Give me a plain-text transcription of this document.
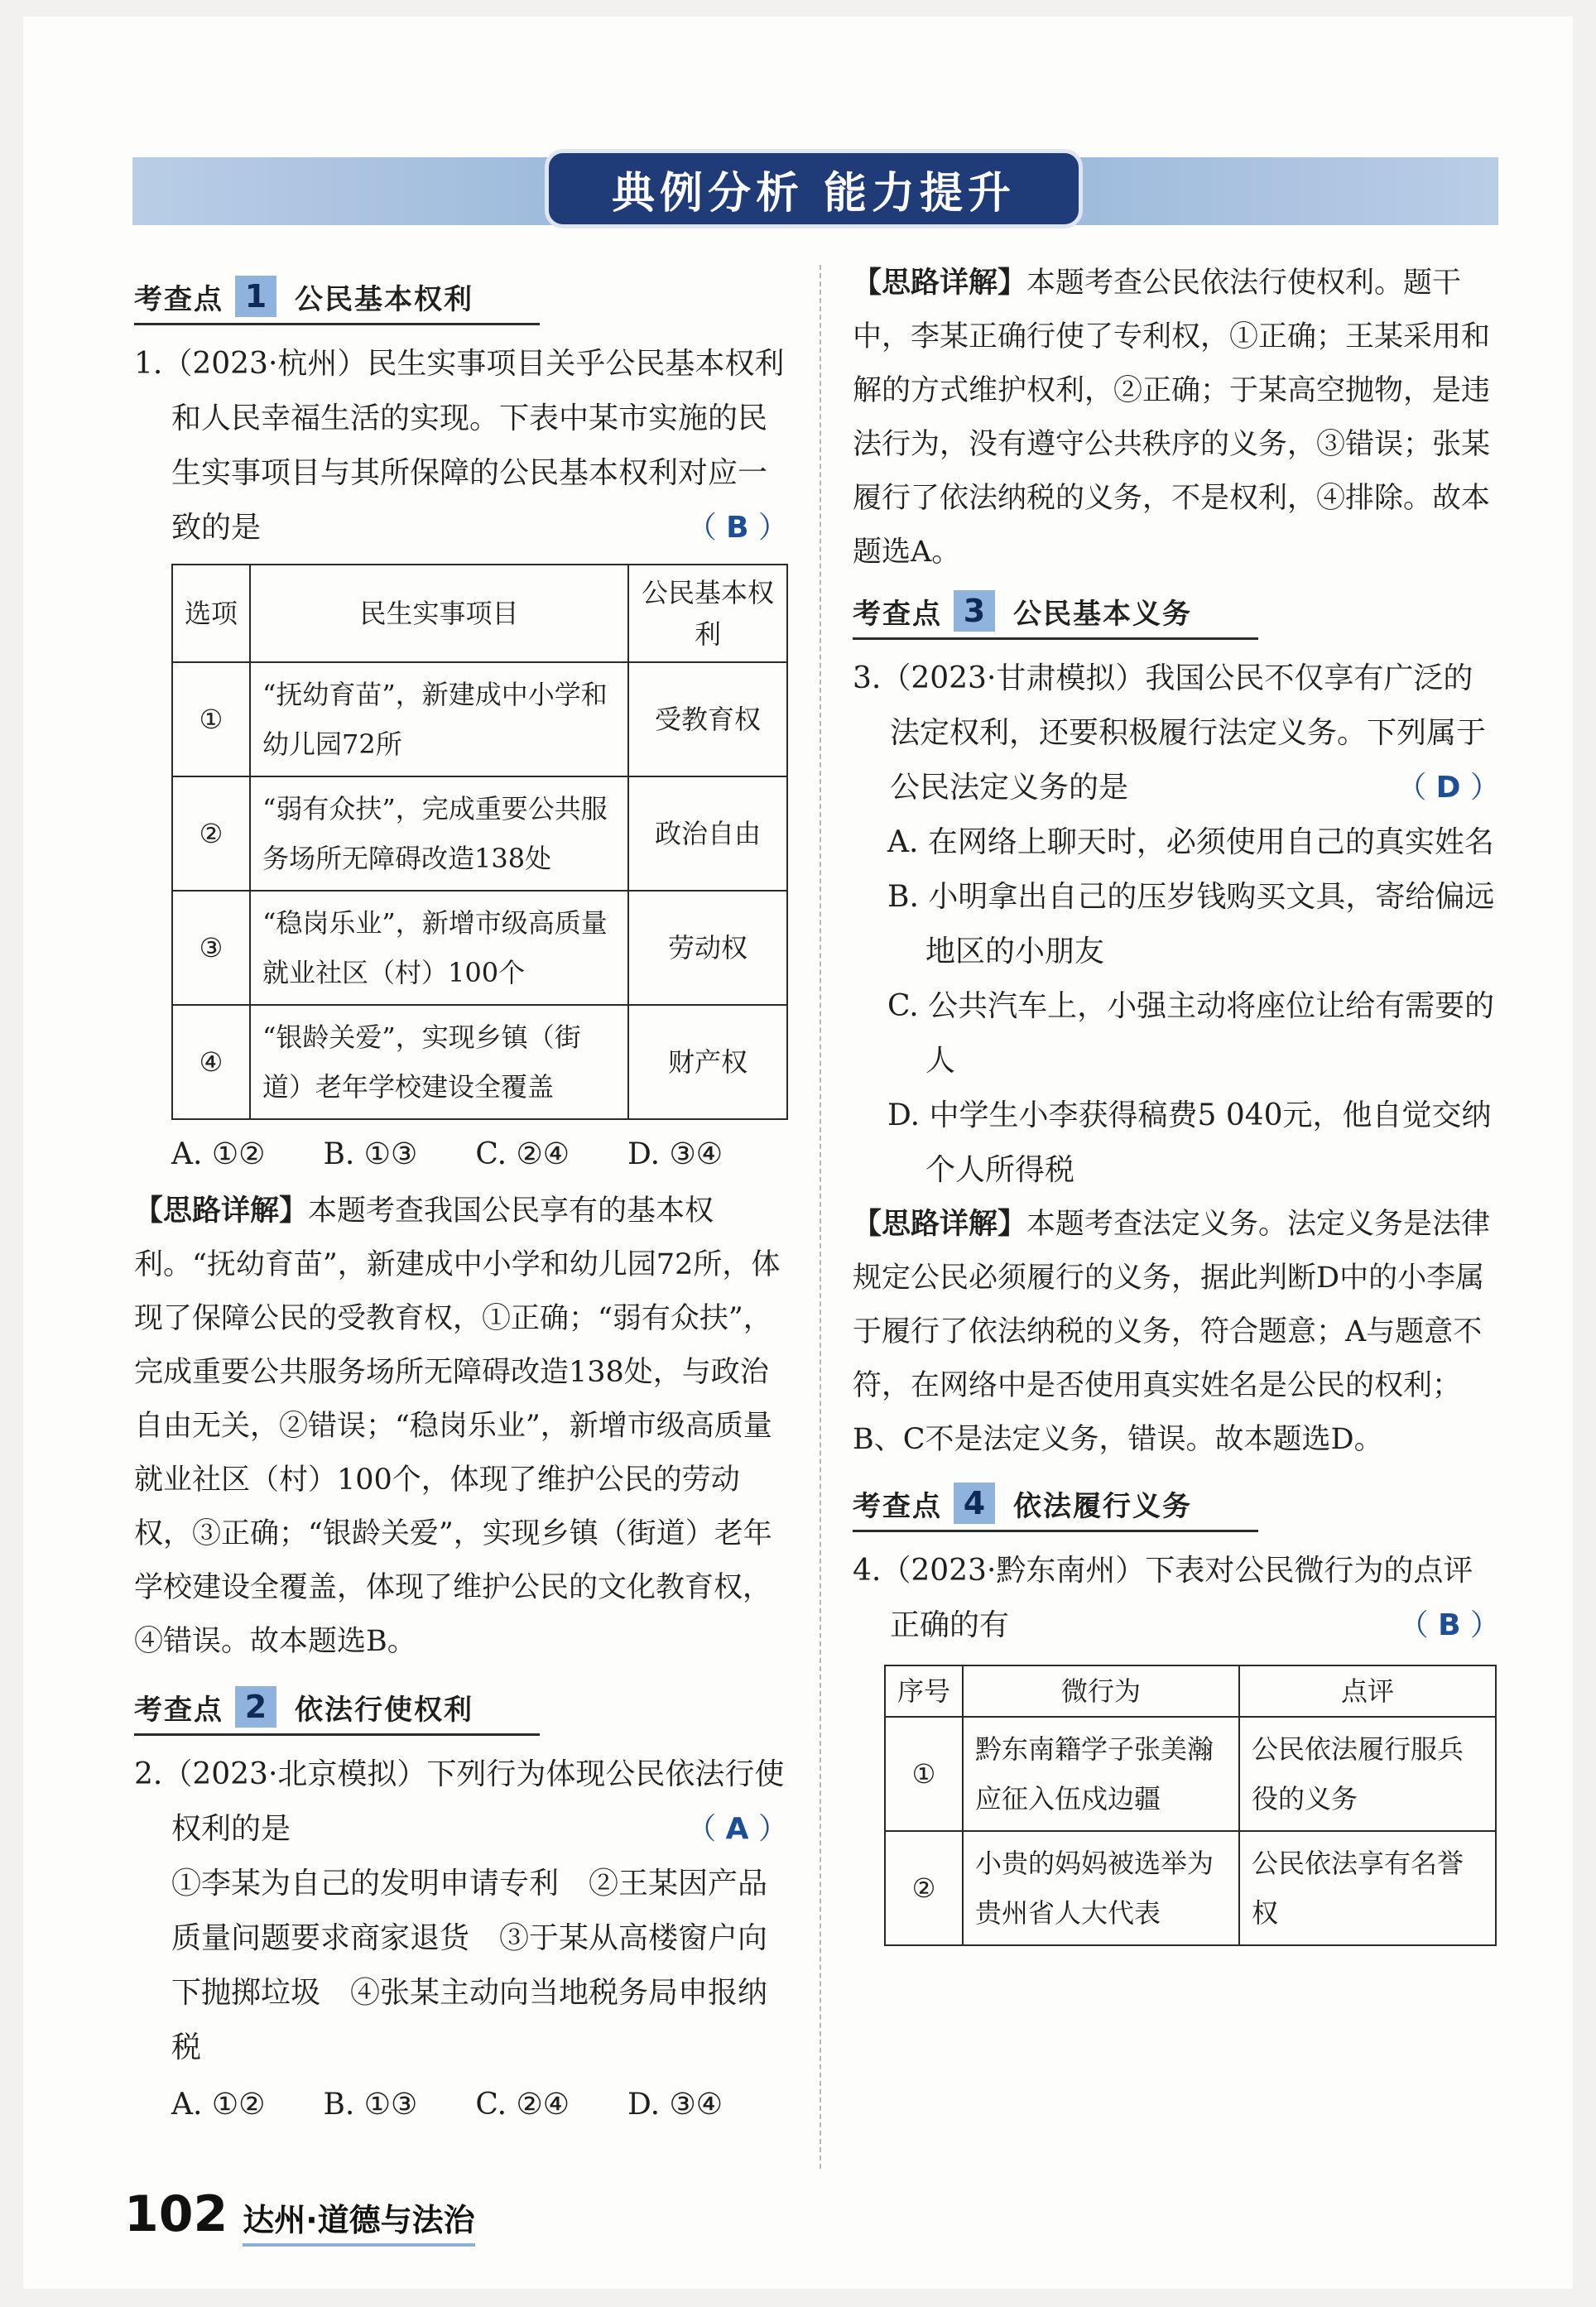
典例分析 能力提升
考查点 1 公民基本权利

1.（2023·杭州）民生实事项目关乎公民基本权利和人民幸福生活的实现。下表中某市实施的民生实事项目与其所保障的公民基本权利对应一致的是	（ B ）

选项	民生实事项目	公民基本权利
①	“抚幼育苗”，新建成中小学和幼儿园72所	受教育权
②	“弱有众扶”，完成重要公共服务场所无障碍改造138处	政治自由
③	“稳岗乐业”，新增市级高质量就业社区（村）100个	劳动权
④	“银龄关爱”，实现乡镇（街道）老年学校建设全覆盖	财产权
A. ①② B. ①③ C. ②④ D. ③④

【思路详解】本题考查我国公民享有的基本权利。“抚幼育苗”，新建成中小学和幼儿园72所，体现了保障公民的受教育权，①正确；“弱有众扶”，完成重要公共服务场所无障碍改造138处，与政治自由无关，②错误；“稳岗乐业”，新增市级高质量就业社区（村）100个，体现了维护公民的劳动权，③正确；“银龄关爱”，实现乡镇（街道）老年学校建设全覆盖，体现了维护公民的文化教育权，④错误。故本题选B。

考查点 2 依法行使权利

2.（2023·北京模拟）下列行为体现公民依法行使权利的是	（ A ）

①李某为自己的发明申请专利　②王某因产品质量问题要求商家退货　③于某从高楼窗户向下抛掷垃圾　④张某主动向当地税务局申报纳税

A. ①② B. ①③ C. ②④ D. ③④

【思路详解】本题考查公民依法行使权利。题干中，李某正确行使了专利权，①正确；王某采用和解的方式维护权利，②正确；于某高空抛物，是违法行为，没有遵守公共秩序的义务，③错误；张某履行了依法纳税的义务，不是权利，④排除。故本题选A。

考查点 3 公民基本义务

3.（2023·甘肃模拟）我国公民不仅享有广泛的法定权利，还要积极履行法定义务。下列属于公民法定义务的是	（ D ）

A. 在网络上聊天时，必须使用自己的真实姓名

B. 小明拿出自己的压岁钱购买文具，寄给偏远地区的小朋友

C. 公共汽车上，小强主动将座位让给有需要的人

D. 中学生小李获得稿费5 040元，他自觉交纳个人所得税

【思路详解】本题考查法定义务。法定义务是法律规定公民必须履行的义务，据此判断D中的小李属于履行了依法纳税的义务，符合题意；A与题意不符，在网络中是否使用真实姓名是公民的权利；B、C不是法定义务，错误。故本题选D。

考查点 4 依法履行义务

4.（2023·黔东南州）下表对公民微行为的点评正确的有	（ B ）

序号	微行为	点评
①	黔东南籍学子张美瀚应征入伍戍边疆	公民依法履行服兵役的义务
②	小贵的妈妈被选举为贵州省人大代表	公民依法享有名誉权
102 达州·道德与法治
